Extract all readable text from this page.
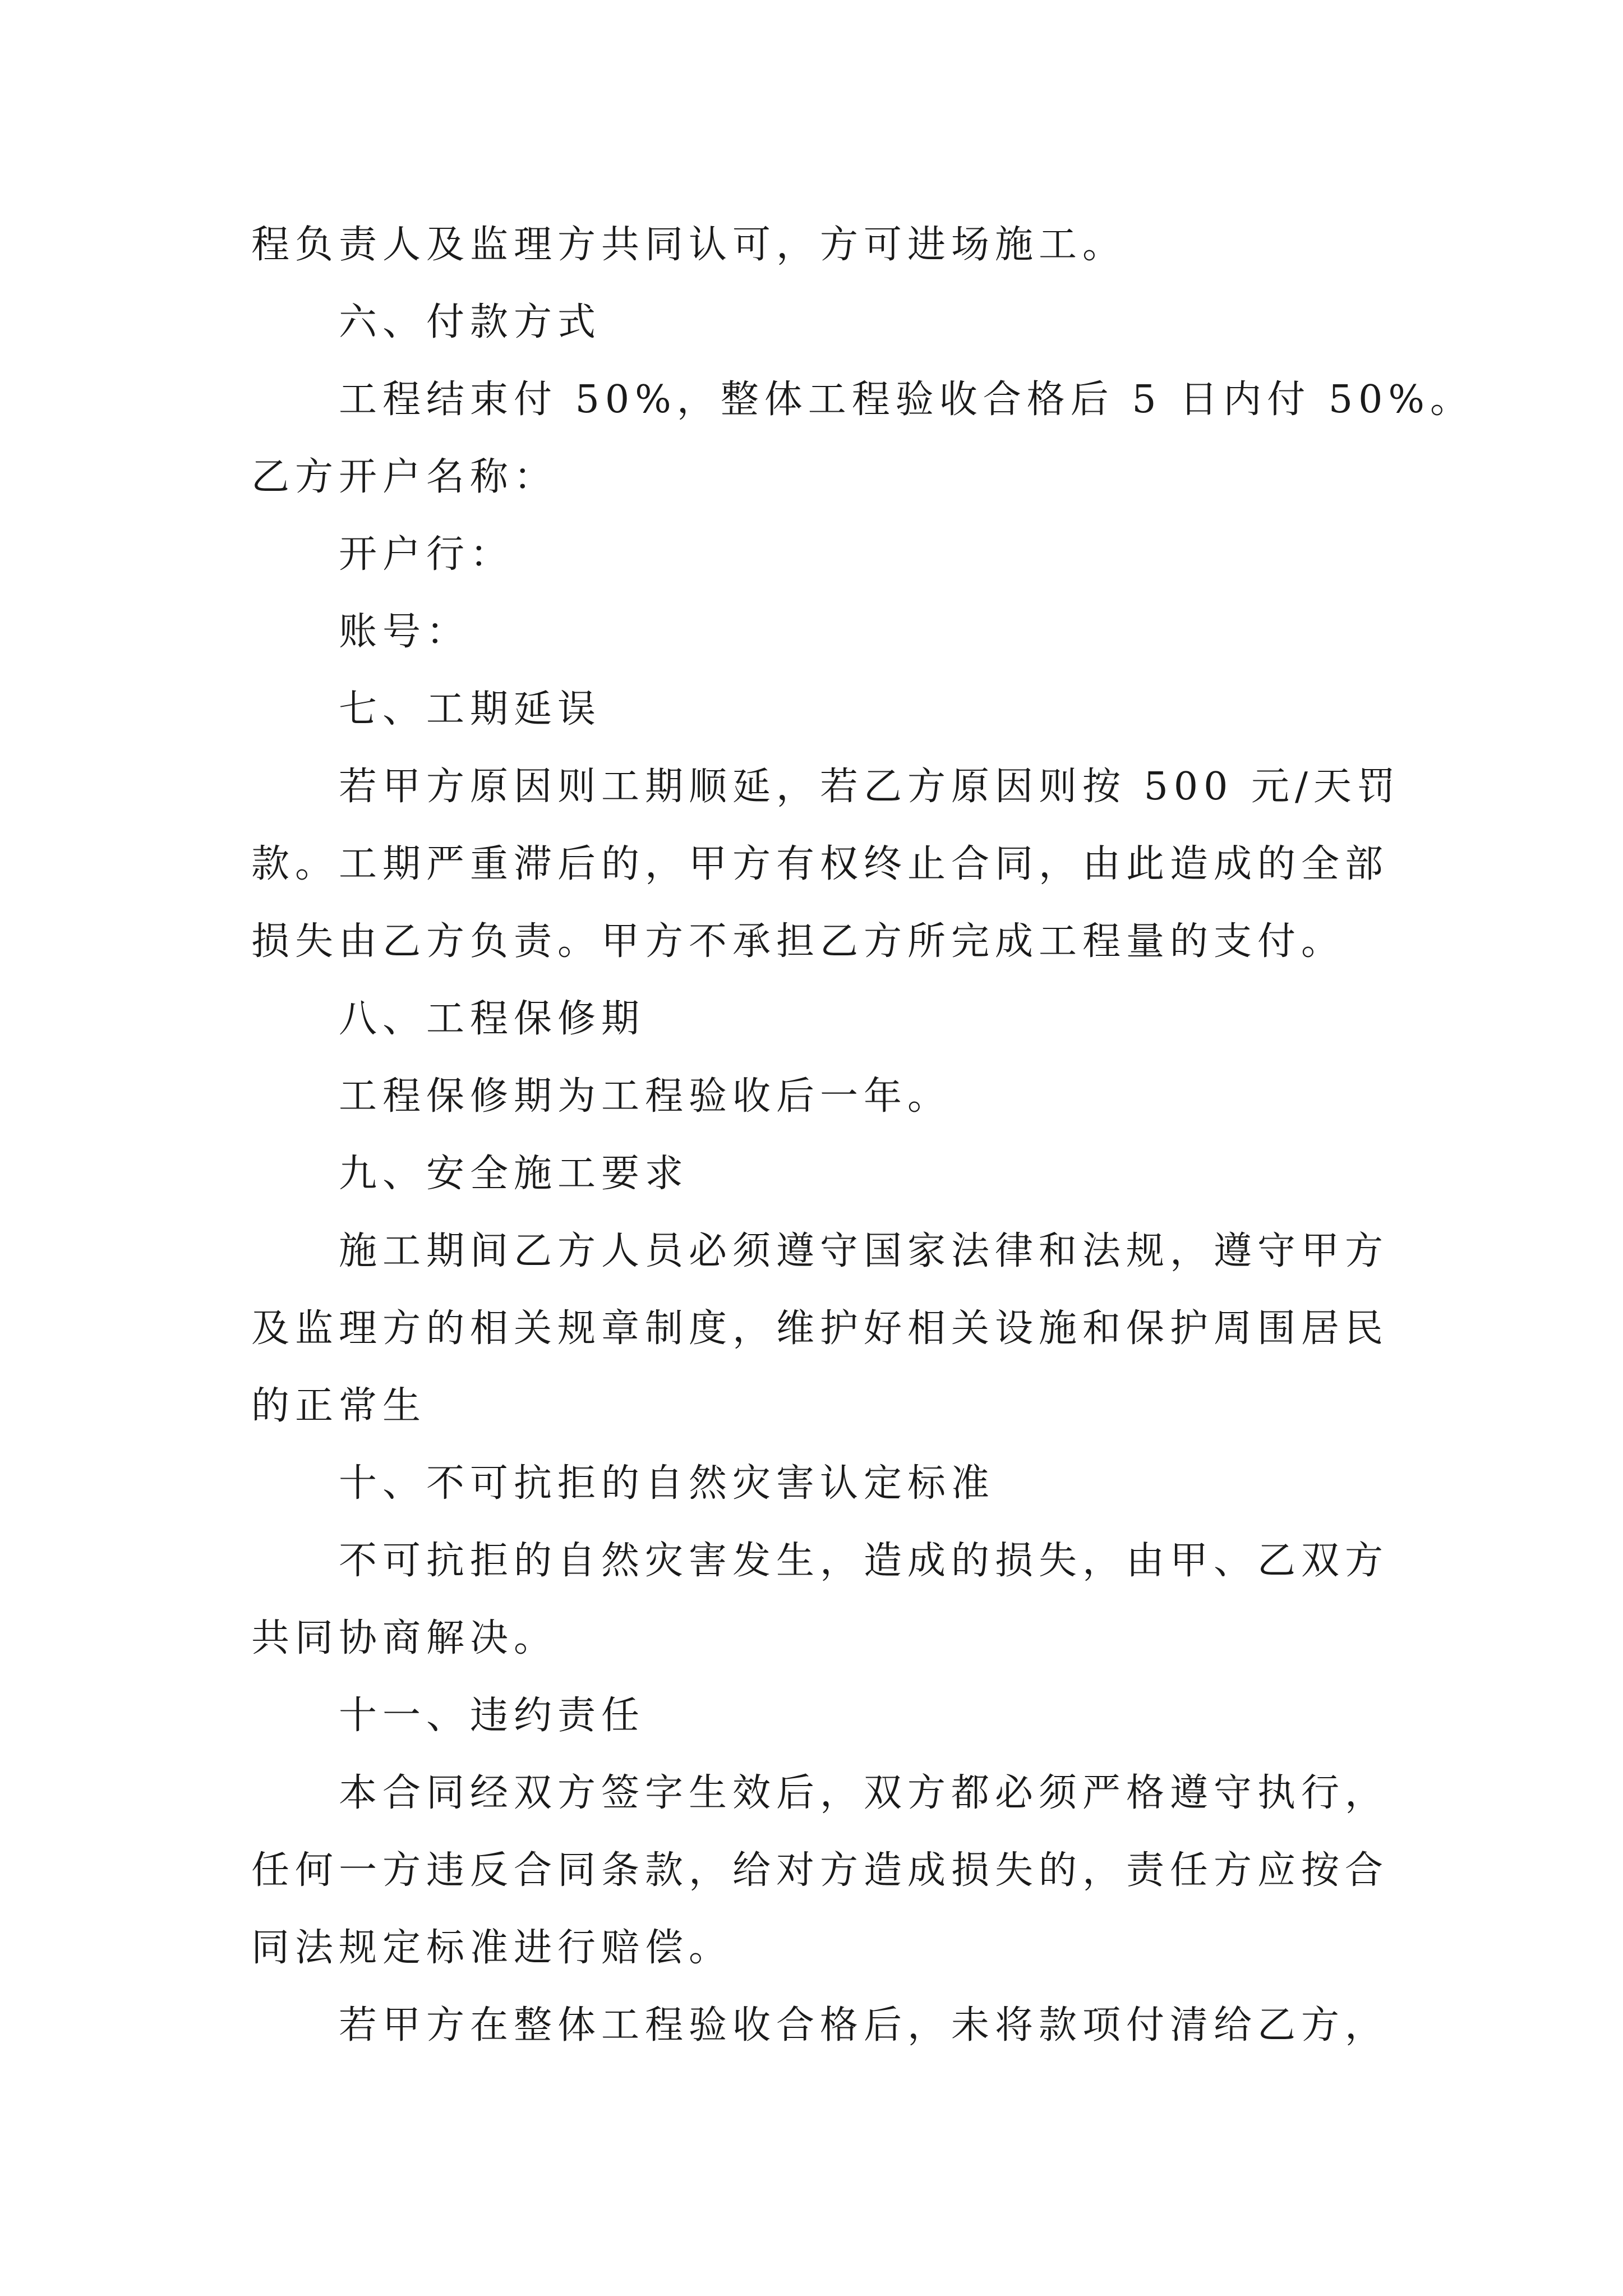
程负责人及监理方共同认可，方可进场施工。
六、付款方式
工程结束付 50%，整体工程验收合格后 5 日内付 50%。
乙方开户名称：
开户行：
账号：
七、工期延误
若甲方原因则工期顺延，若乙方原因则按 500 元/天罚
款。工期严重滞后的，甲方有权终止合同，由此造成的全部
损失由乙方负责。甲方不承担乙方所完成工程量的支付。
八、工程保修期
工程保修期为工程验收后一年。
九、安全施工要求
施工期间乙方人员必须遵守国家法律和法规，遵守甲方
及监理方的相关规章制度，维护好相关设施和保护周围居民
的正常生
十、不可抗拒的自然灾害认定标准
不可抗拒的自然灾害发生，造成的损失，由甲、乙双方
共同协商解决。
十一、违约责任
本合同经双方签字生效后，双方都必须严格遵守执行，
任何一方违反合同条款，给对方造成损失的，责任方应按合
同法规定标准进行赔偿。
若甲方在整体工程验收合格后，未将款项付清给乙方，
